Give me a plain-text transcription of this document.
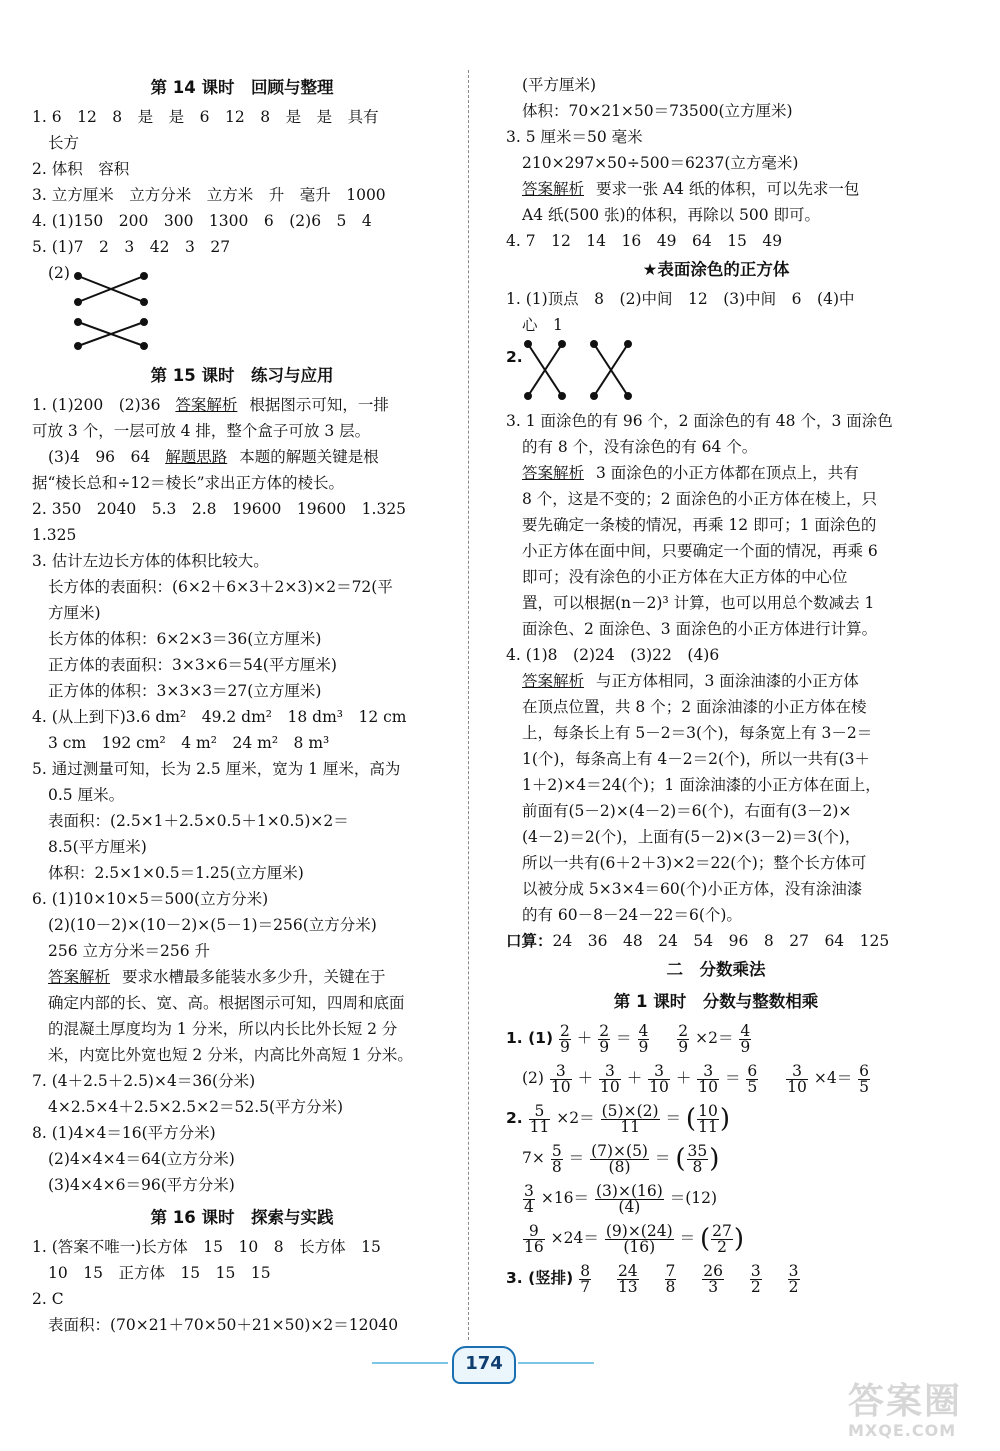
第 14 课时　回顾与整理
1. 6　12　8　是　是　6　12　8　是　是　具有
长方
2. 体积　容积
3. 立方厘米　立方分米　立方米　升　毫升　1000
4. (1)150　200　300　1300　6　(2)6　5　4
5. (1)7　2　3　42　3　27
(2)
第 15 课时　练习与应用
1. (1)200　(2)36 答案解析 根据图示可知，一排
可放 3 个，一层可放 4 排，整个盒子可放 3 层。
(3)4　96　64 解题思路 本题的解题关键是根
据“棱长总和÷12＝棱长”求出正方体的棱长。
2. 350　2040　5.3　2.8　19600　19600　1.325
1.325
3. 估计左边长方体的体积比较大。
长方体的表面积：(6×2＋6×3＋2×3)×2＝72(平
方厘米)
长方体的体积：6×2×3＝36(立方厘米)
正方体的表面积：3×3×6＝54(平方厘米)
正方体的体积：3×3×3＝27(立方厘米)
4. (从上到下)3.6 dm²　49.2 dm²　18 dm³　12 cm
3 cm　192 cm²　4 m²　24 m²　8 m³
5. 通过测量可知，长为 2.5 厘米，宽为 1 厘米，高为
0.5 厘米。
表面积：(2.5×1＋2.5×0.5＋1×0.5)×2＝
8.5(平方厘米)
体积：2.5×1×0.5＝1.25(立方厘米)
6. (1)10×10×5＝500(立方分米)
(2)(10－2)×(10－2)×(5－1)＝256(立方分米)
256 立方分米＝256 升
答案解析 要求水槽最多能装水多少升，关键在于
确定内部的长、宽、高。根据图示可知，四周和底面
的混凝土厚度均为 1 分米，所以内长比外长短 2 分
米，内宽比外宽也短 2 分米，内高比外高短 1 分米。
7. (4＋2.5＋2.5)×4＝36(分米)
4×2.5×4＋2.5×2.5×2＝52.5(平方分米)
8. (1)4×4＝16(平方分米)
(2)4×4×4＝64(立方分米)
(3)4×4×6＝96(平方分米)
第 16 课时　探索与实践
1. (答案不唯一)长方体　15　10　8　长方体　15
10　15　正方体　15　15　15
2. C
表面积：(70×21＋70×50＋21×50)×2＝12040
(平方厘米)
体积：70×21×50＝73500(立方厘米)
3. 5 厘米＝50 毫米
210×297×50÷500＝6237(立方毫米)
答案解析 要求一张 A4 纸的体积，可以先求一包
A4 纸(500 张)的体积，再除以 500 即可。
4. 7　12　14　16　49　64　15　49
★表面涂色的正方体
1. (1)顶点　8　(2)中间　12　(3)中间　6　(4)中
心　1
2.
3. 1 面涂色的有 96 个，2 面涂色的有 48 个，3 面涂色
的有 8 个，没有涂色的有 64 个。
答案解析 3 面涂色的小正方体都在顶点上，共有
8 个，这是不变的；2 面涂色的小正方体在棱上，只
要先确定一条棱的情况，再乘 12 即可；1 面涂色的
小正方体在面中间，只要确定一个面的情况，再乘 6
即可；没有涂色的小正方体在大正方体的中心位
置，可以根据(n－2)³ 计算，也可以用总个数减去 1
面涂色、2 面涂色、3 面涂色的小正方体进行计算。
4. (1)8　(2)24　(3)22　(4)6
答案解析 与正方体相同，3 面涂油漆的小正方体
在顶点位置，共 8 个；2 面涂油漆的小正方体在棱
上，每条长上有 5－2＝3(个)，每条宽上有 3－2＝
1(个)，每条高上有 4－2＝2(个)，所以一共有(3＋
1＋2)×4＝24(个)；1 面涂油漆的小正方体在面上，
前面有(5－2)×(4－2)＝6(个)，右面有(3－2)×
(4－2)＝2(个)，上面有(5－2)×(3－2)＝3(个)，
所以一共有(6＋2＋3)×2＝22(个)；整个长方体可
以被分成 5×3×4＝60(个)小正方体，没有涂油漆
的有 60－8－24－22＝6(个)。
口算：24　36　48　24　54　96　8　27　64　125
二　分数乘法
第 1 课时　分数与整数相乘
1. $(1) \frac{2}{9} + \frac{2}{9} = \frac{4}{9}$
$\frac{2}{9} \times 2= \frac{4}{9}$
$(2) \frac{3}{10} + \frac{3}{10} + \frac{3}{10} + \frac{3}{10} = \frac{6}{5}$
$\frac{3}{10} \times 4= \frac{6}{5}$
2. $\frac{5}{11} \times 2= \frac{(5)\times(2)}{11}$ ＝ ( $\frac{10}{11}$ )
$7\times \frac{5}{8} = \frac{(7)\times(5)}{(8)}$ ＝ ( $\frac{35}{8}$ )
$\frac{3}{4} \times 16= \frac{(3)\times(16)}{(4)} =(12)$
$\frac{9}{16} \times 24= \frac{(9)\times(24)}{(16)}$ ＝ ( $\frac{27}{2}$ )
3. (竖排) $\frac{8}{7}$
$\frac{24}{13}$
$\frac{7}{8}$
$\frac{26}{3}$
$\frac{3}{2}$
$\frac{3}{2}$
174
答案圈
MXQE.COM
